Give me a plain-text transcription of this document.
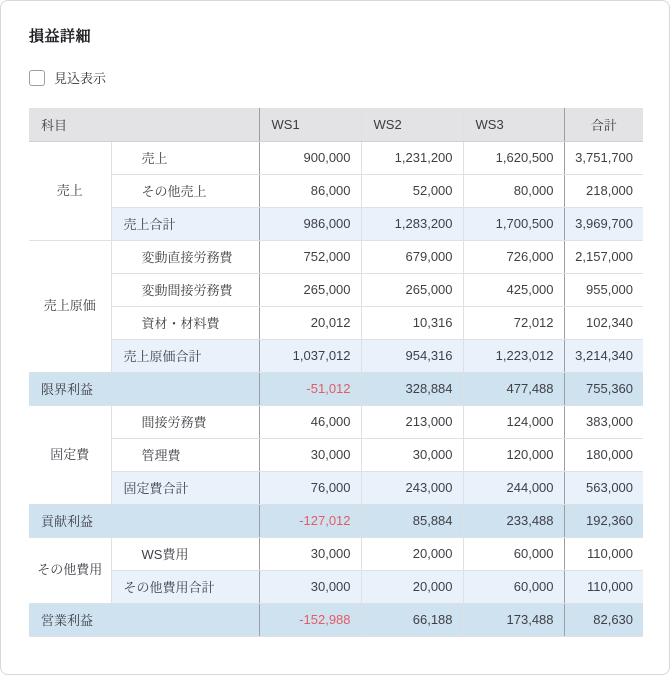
損益詳細
見込表示
科目		WS1	WS2	WS3	合計
売上	売上	900,000	1,231,200	1,620,500	3,751,700
	その他売上	86,000	52,000	80,000	218,000
	売上合計	986,000	1,283,200	1,700,500	3,969,700
売上原価	変動直接労務費	752,000	679,000	726,000	2,157,000
	変動間接労務費	265,000	265,000	425,000	955,000
	資材・材料費	20,012	10,316	72,012	102,340
	売上原価合計	1,037,012	954,316	1,223,012	3,214,340
限界利益		-51,012	328,884	477,488	755,360
固定費	間接労務費	46,000	213,000	124,000	383,000
	管理費	30,000	30,000	120,000	180,000
	固定費合計	76,000	243,000	244,000	563,000
貢献利益		-127,012	85,884	233,488	192,360
その他費用	WS費用	30,000	20,000	60,000	110,000
	その他費用合計	30,000	20,000	60,000	110,000
営業利益		-152,988	66,188	173,488	82,630
